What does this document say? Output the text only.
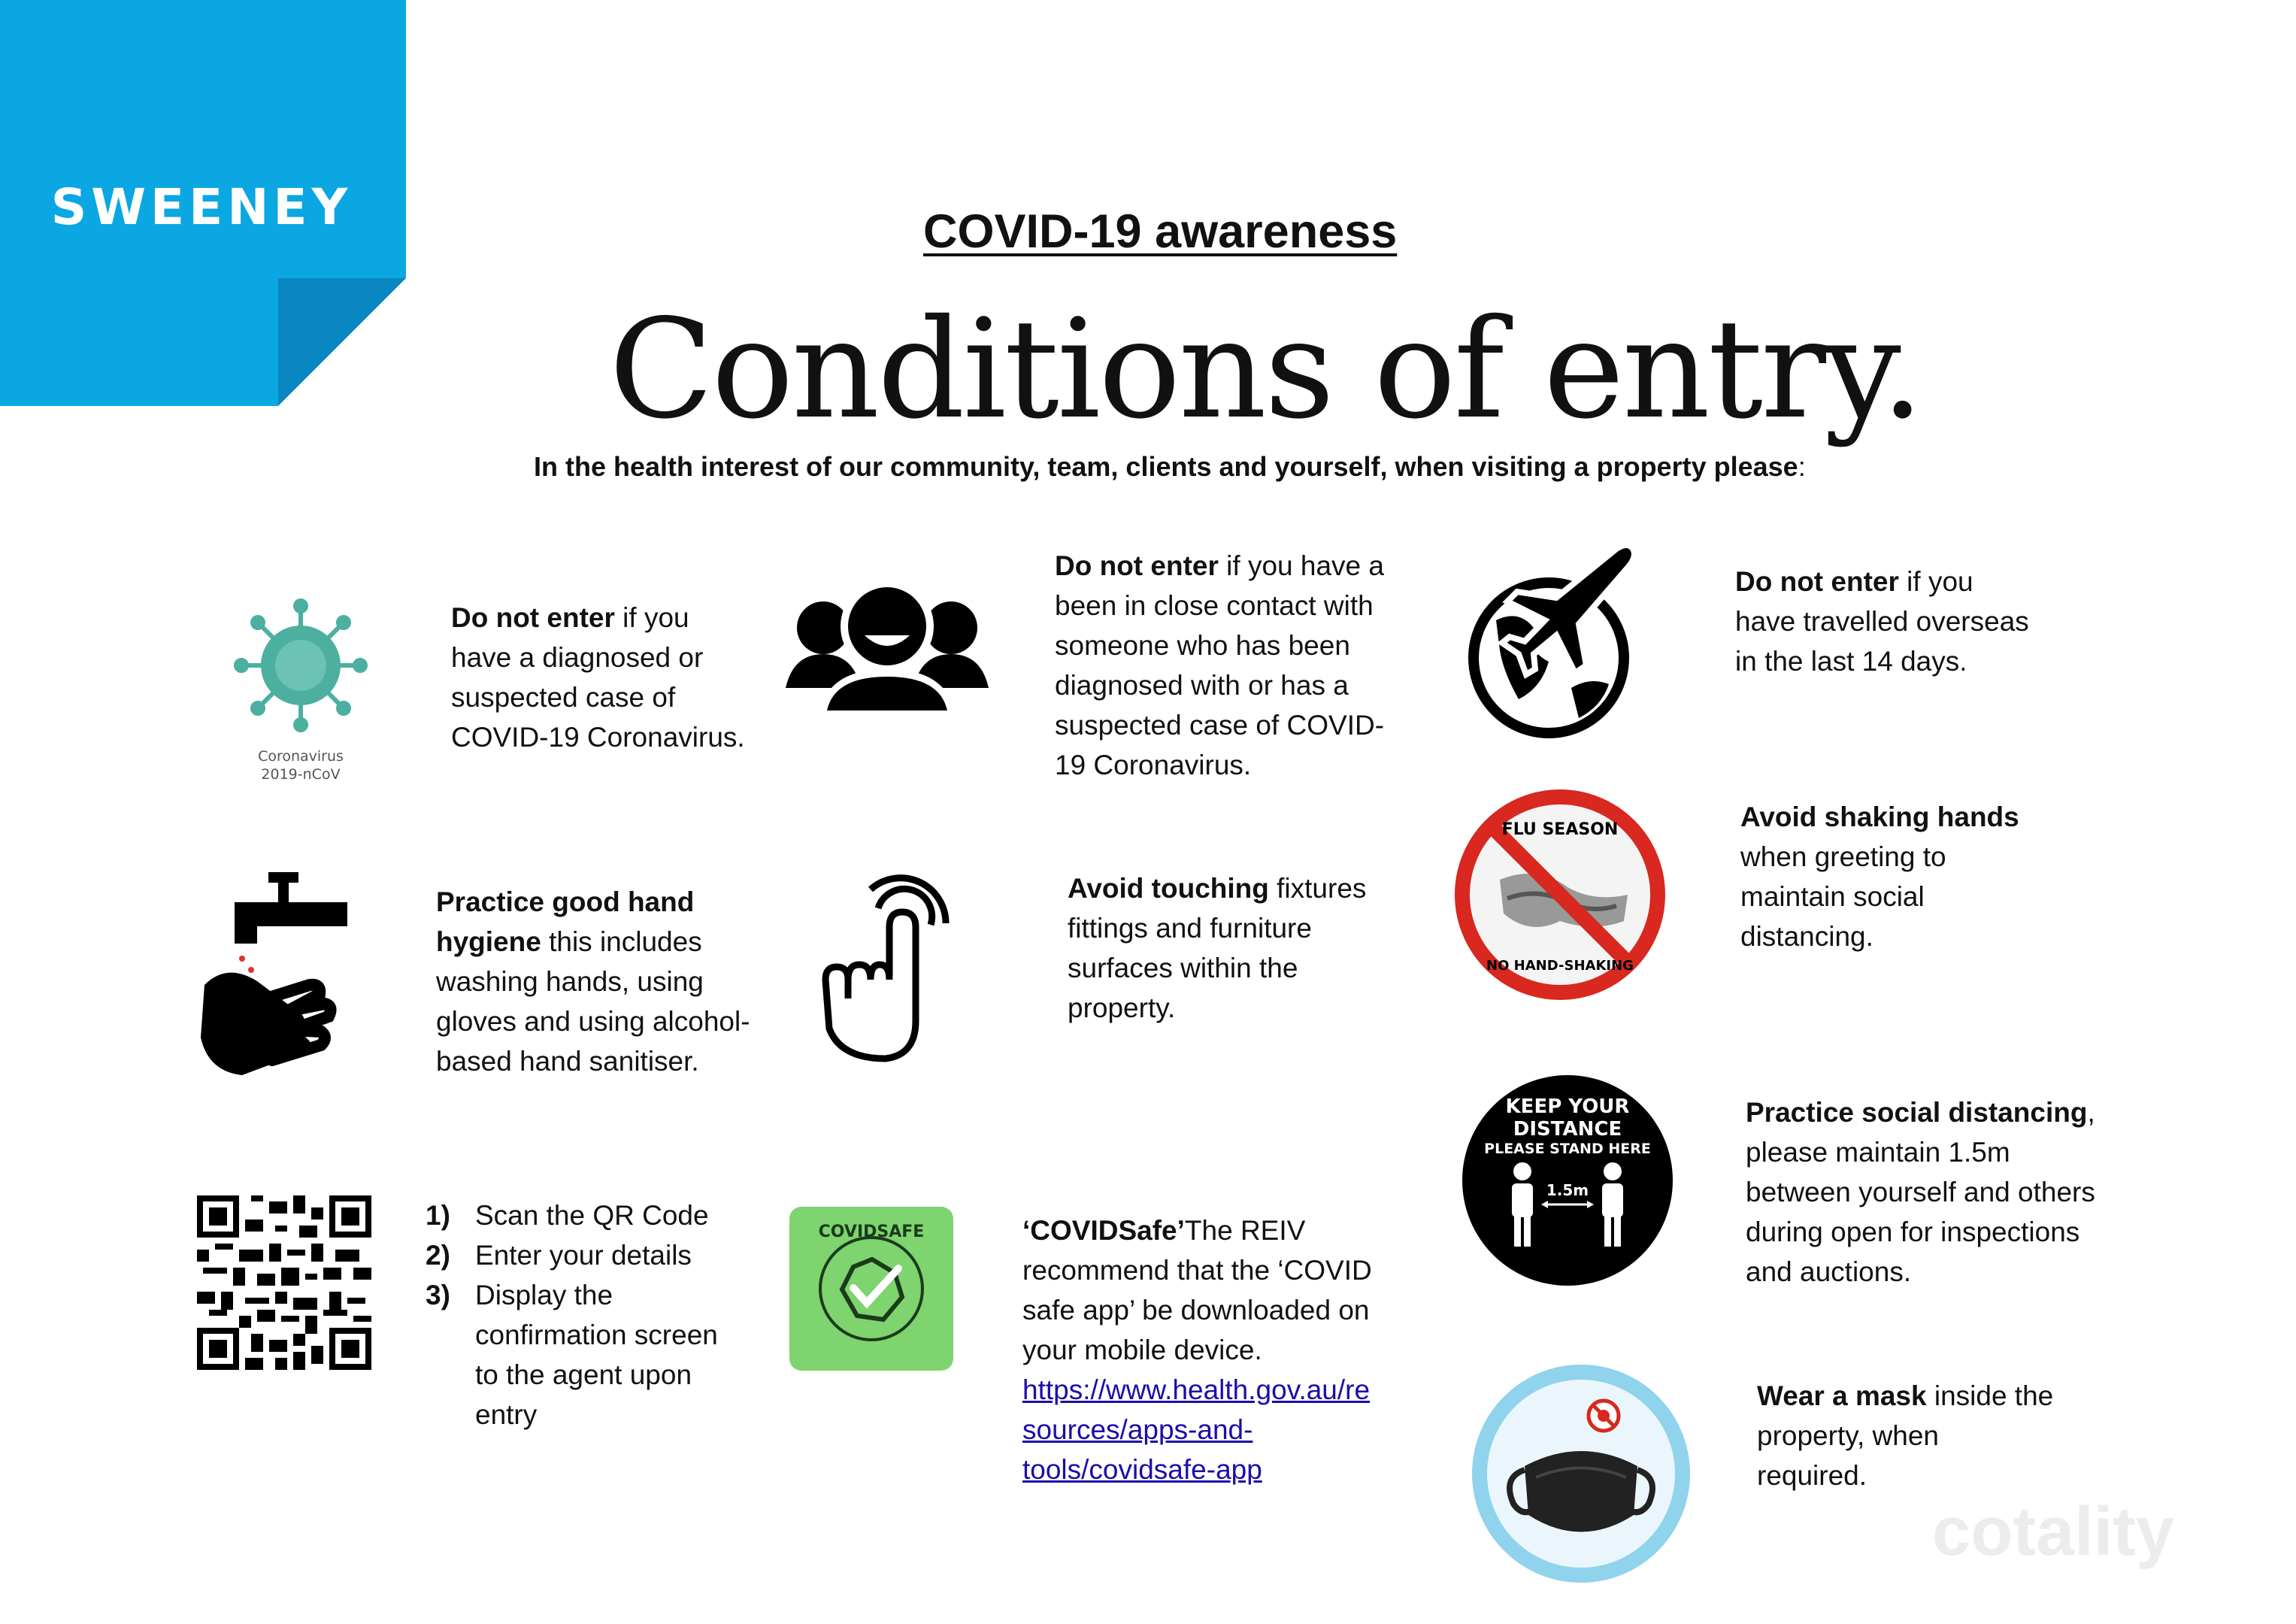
SWEENEY	COVID-19 awareness
Conditions of entry.
In the health interest of our community, team, clients and yourself, when visiting a property please:
Coronavirus
2019-nCoV
Do not enter if you
have a diagnosed or
suspected case of
COVID-19 Coronavirus.
Do not enter if you have a
been in close contact with
someone who has been
diagnosed with or has a
suspected case of COVID-
19 Coronavirus.
Do not enter if you
have travelled overseas
in the last 14 days.
Practice good hand
hygiene this includes
washing hands, using
gloves and using alcohol-
based hand sanitiser.
Avoid touching fixtures
fittings and furniture
surfaces within the
property.
FLU SEASON
NO HAND-SHAKING
Avoid shaking hands
when greeting to
maintain social
distancing.
1) Scan the QR Code
2) Enter your details
3) Display the
confirmation screen
to the agent upon
entry
COVIDSAFE	‘COVIDSafe’The REIV
recommend that the ‘COVID
safe app’ be downloaded on
your mobile device.
https://www.health.gov.au/re
sources/apps-and-
tools/covidsafe-app
KEEP YOUR
DISTANCE
PLEASE STAND HERE
1.5m
Practice social distancing,
please maintain 1.5m
between yourself and others
during open for inspections
and auctions.
Wear a mask inside the
property, when
required.
cotality
